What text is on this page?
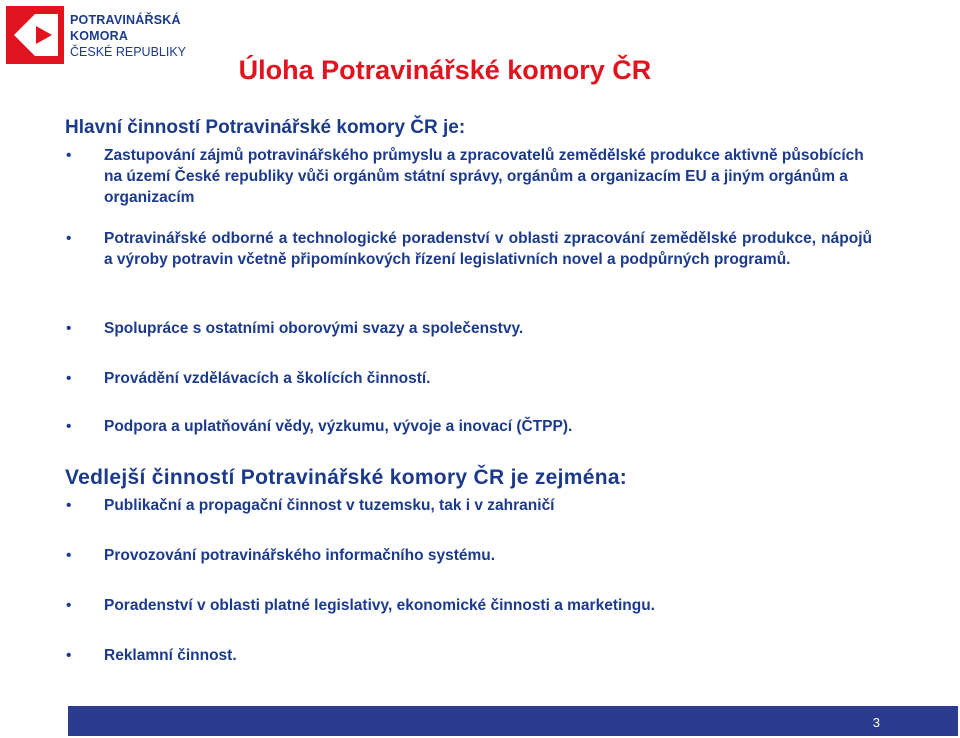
POTRAVINÁŘSKÁ
KOMORA
ČESKÉ REPUBLIKY
Úloha Potravinářské komory ČR
Hlavní činností Potravinářské komory ČR je:
• Zastupování zájmů potravinářského průmyslu a zpracovatelů zemědělské produkce aktivně působících na území České republiky vůči orgánům státní správy, orgánům a organizacím EU a jiným orgánům a organizacím
• Potravinářské odborné a technologické poradenství v oblasti zpracování zemědělské produkce, nápojů a výroby potravin včetně připomínkových řízení legislativních novel a podpůrných programů.
• Spolupráce s ostatními oborovými svazy a společenstvy.
• Provádění vzdělávacích a školících činností.
• Podpora a uplatňování vědy, výzkumu, vývoje a inovací (ČTPP).
Vedlejší činností Potravinářské komory ČR je zejména:
• Publikační a propagační činnost v tuzemsku, tak i v zahraničí
• Provozování potravinářského informačního systému.
• Poradenství v oblasti platné legislativy, ekonomické činnosti a marketingu.
• Reklamní činnost.
3
